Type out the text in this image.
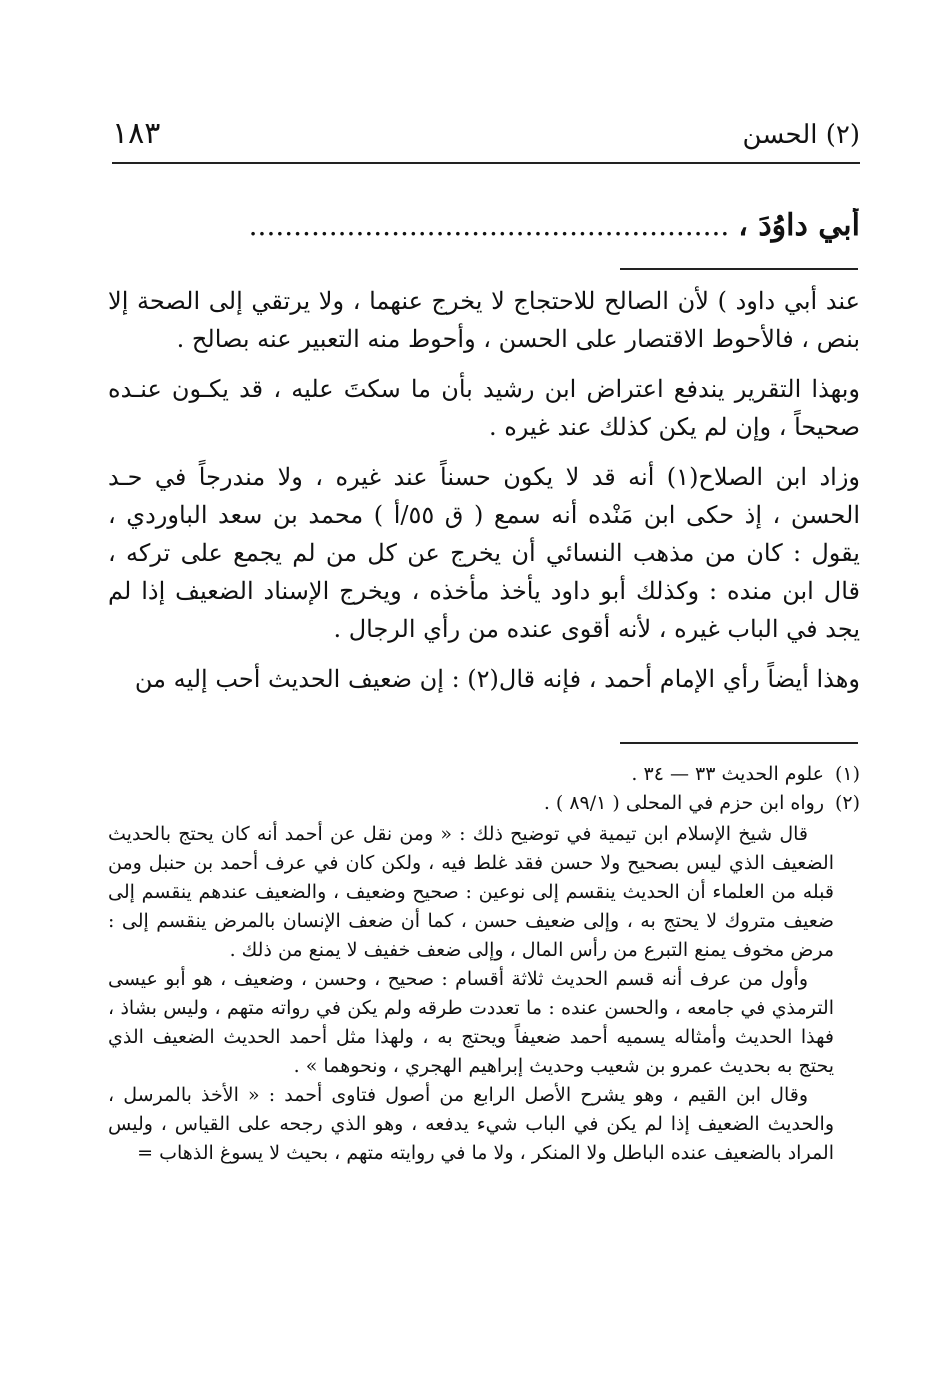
(٢) الحسن
١٨٣
أبي داوُدَ ، ......................................................

عند أبي داود ) لأن الصالح للاحتجاج لا يخرج عنهما ، ولا يرتقي إلى الصحة إلا بنص ، فالأحوط الاقتصار على الحسن ، وأحوط منه التعبير عنه بصالح .

وبهذا التقرير يندفع اعتراض ابن رشيد بأن ما سكتَ عليه ، قد يكـون عنـده صحيحاً ، وإن لم يكن كذلك عند غيره .

وزاد ابن الصلاح(١) أنه قد لا يكون حسناً عند غيره ، ولا مندرجاً في حـد الحسن ، إذ حكى ابن مَنْده أنه سمع ( ق ٥٥/أ ) محمد بن سعد الباوردي ، يقول : كان من مذهب النسائي أن يخرج عن كل من لم يجمع على تركه ، قال ابن منده : وكذلك أبو داود يأخذ مأخذه ، ويخرج الإسناد الضعيف إذا لم يجد في الباب غيره ، لأنه أقوى عنده من رأي الرجال .

وهذا أيضاً رأي الإمام أحمد ، فإنه قال(٢) : إن ضعيف الحديث أحب إليه من

(١)علوم الحديث ٣٣ — ٣٤ .

(٢)رواه ابن حزم في المحلى ( ٨٩/١ ) .

قال شيخ الإسلام ابن تيمية في توضيح ذلك : « ومن نقل عن أحمد أنه كان يحتج بالحديث الضعيف الذي ليس بصحيح ولا حسن فقد غلط فيه ، ولكن كان في عرف أحمد بن حنبل ومن قبله من العلماء أن الحديث ينقسم إلى نوعين : صحيح وضعيف ، والضعيف عندهم ينقسم إلى ضعيف متروك لا يحتج به ، وإلى ضعيف حسن ، كما أن ضعف الإنسان بالمرض ينقسم إلى : مرض مخوف يمنع التبرع من رأس المال ، وإلى ضعف خفيف لا يمنع من ذلك .

وأول من عرف أنه قسم الحديث ثلاثة أقسام : صحيح ، وحسن ، وضعيف ، هو أبو عيسى الترمذي في جامعه ، والحسن عنده : ما تعددت طرقه ولم يكن في رواته متهم ، وليس بشاذ ، فهذا الحديث وأمثاله يسميه أحمد ضعيفاً ويحتج به ، ولهذا مثل أحمد الحديث الضعيف الذي يحتج به بحديث عمرو بن شعيب وحديث إبراهيم الهجري ، ونحوهما » .

وقال ابن القيم ، وهو يشرح الأصل الرابع من أصول فتاوى أحمد : « الأخذ بالمرسل ، والحديث الضعيف إذا لم يكن في الباب شيء يدفعه ، وهو الذي رجحه على القياس ، وليس المراد بالضعيف عنده الباطل ولا المنكر ، ولا ما في روايته متهم ، بحيث لا يسوغ الذهاب =
